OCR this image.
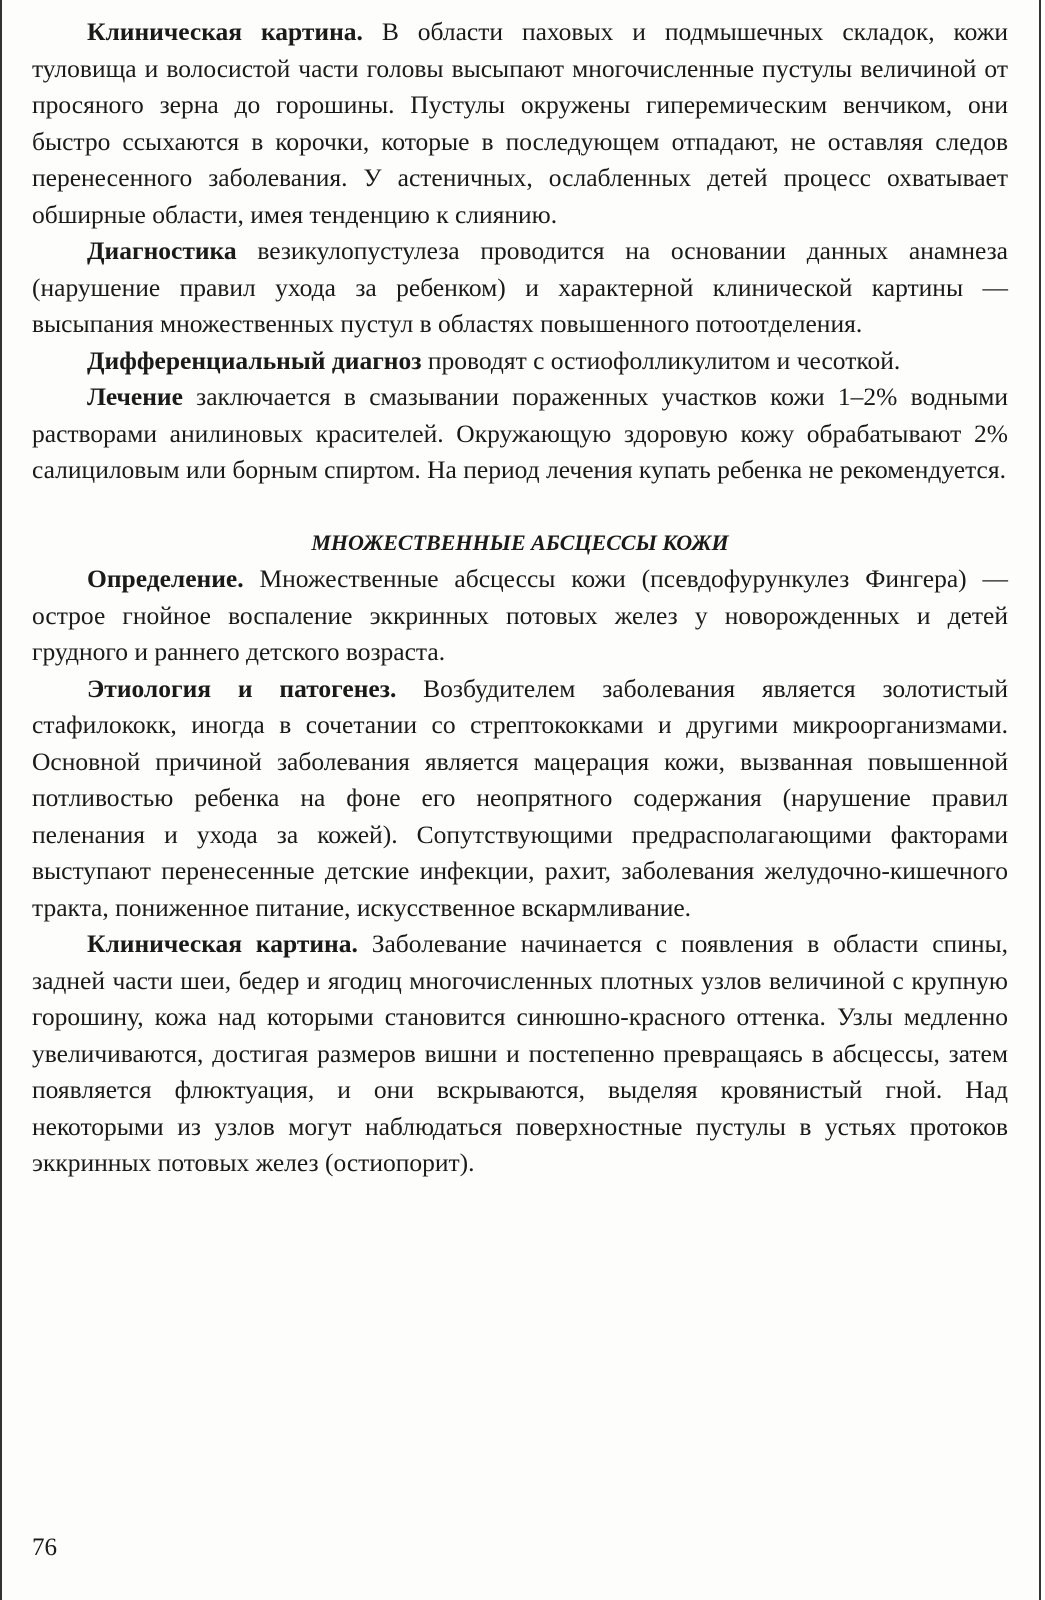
Клиническая картина. В области паховых и подмышечных складок, кожи туловища и волосистой части головы высыпают многочисленные пустулы величиной от просяного зерна до горошины. Пустулы окружены гиперемическим венчиком, они быстро ссыхаются в корочки, которые в последующем отпадают, не оставляя следов перенесенного заболевания. У астеничных, ослабленных детей процесс охватывает обширные области, имея тенденцию к слиянию.

Диагностика везикулопустулеза проводится на основании данных анамнеза (нарушение правил ухода за ребенком) и характерной клинической картины — высыпания множественных пустул в областях повышенного потоотделения.

Дифференциальный диагноз проводят с остиофолликулитом и чесоткой.

Лечение заключается в смазывании пораженных участков кожи 1–2% водными растворами анилиновых красителей. Окружающую здоровую кожу обрабатывают 2% салициловым или борным спиртом. На период лечения купать ребенка не рекомендуется.

МНОЖЕСТВЕННЫЕ АБСЦЕССЫ КОЖИ

Определение. Множественные абсцессы кожи (псевдофурункулез Фингера) — острое гнойное воспаление эккринных потовых желез у новорожденных и детей грудного и раннего детского возраста.

Этиология и патогенез. Возбудителем заболевания является золотистый стафилококк, иногда в сочетании со стрептококками и другими микроорганизмами. Основной причиной заболевания является мацерация кожи, вызванная повышенной потливостью ребенка на фоне его неопрятного содержания (нарушение правил пеленания и ухода за кожей). Сопутствующими предрасполагающими факторами выступают перенесенные детские инфекции, рахит, заболевания желудочно-кишечного тракта, пониженное питание, искусственное вскармливание.

Клиническая картина. Заболевание начинается с появления в области спины, задней части шеи, бедер и ягодиц многочисленных плотных узлов величиной с крупную горошину, кожа над которыми становится синюшно-красного оттенка. Узлы медленно увеличиваются, достигая размеров вишни и постепенно превращаясь в абсцессы, затем появляется флюктуация, и они вскрываются, выделяя кровянистый гной. Над некоторыми из узлов могут наблюдаться поверхностные пустулы в устьях протоков эккринных потовых желез (остиопорит).

76
